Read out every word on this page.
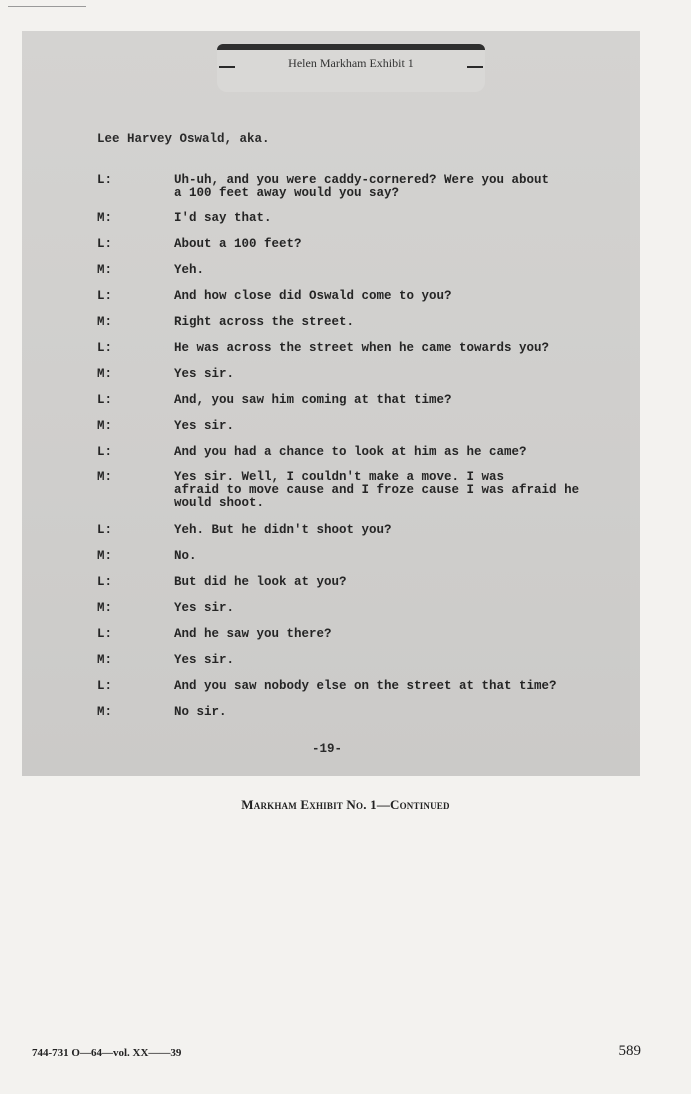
Helen Markham Exhibit 1
Lee Harvey Oswald, aka.
L:	Uh-uh, and you were caddy-cornered? Were you about
a 100 feet away would you say?
M:	I'd say that.
L:	About a 100 feet?
M:	Yeh.
L:	And how close did Oswald come to you?
M:	Right across the street.
L:	He was across the street when he came towards you?
M:	Yes sir.
L:	And, you saw him coming at that time?
M:	Yes sir.
L:	And you had a chance to look at him as he came?
M:	Yes sir. Well, I couldn't make a move. I was
afraid to move cause and I froze cause I was afraid he
would shoot.
L:	Yeh. But he didn't shoot you?
M:	No.
L:	But did he look at you?
M:	Yes sir.
L:	And he saw you there?
M:	Yes sir.
L:	And you saw nobody else on the street at that time?
M:	No sir.
-19-
Markham Exhibit No. 1—Continued
744-731 O—64—vol. XX——39	589
